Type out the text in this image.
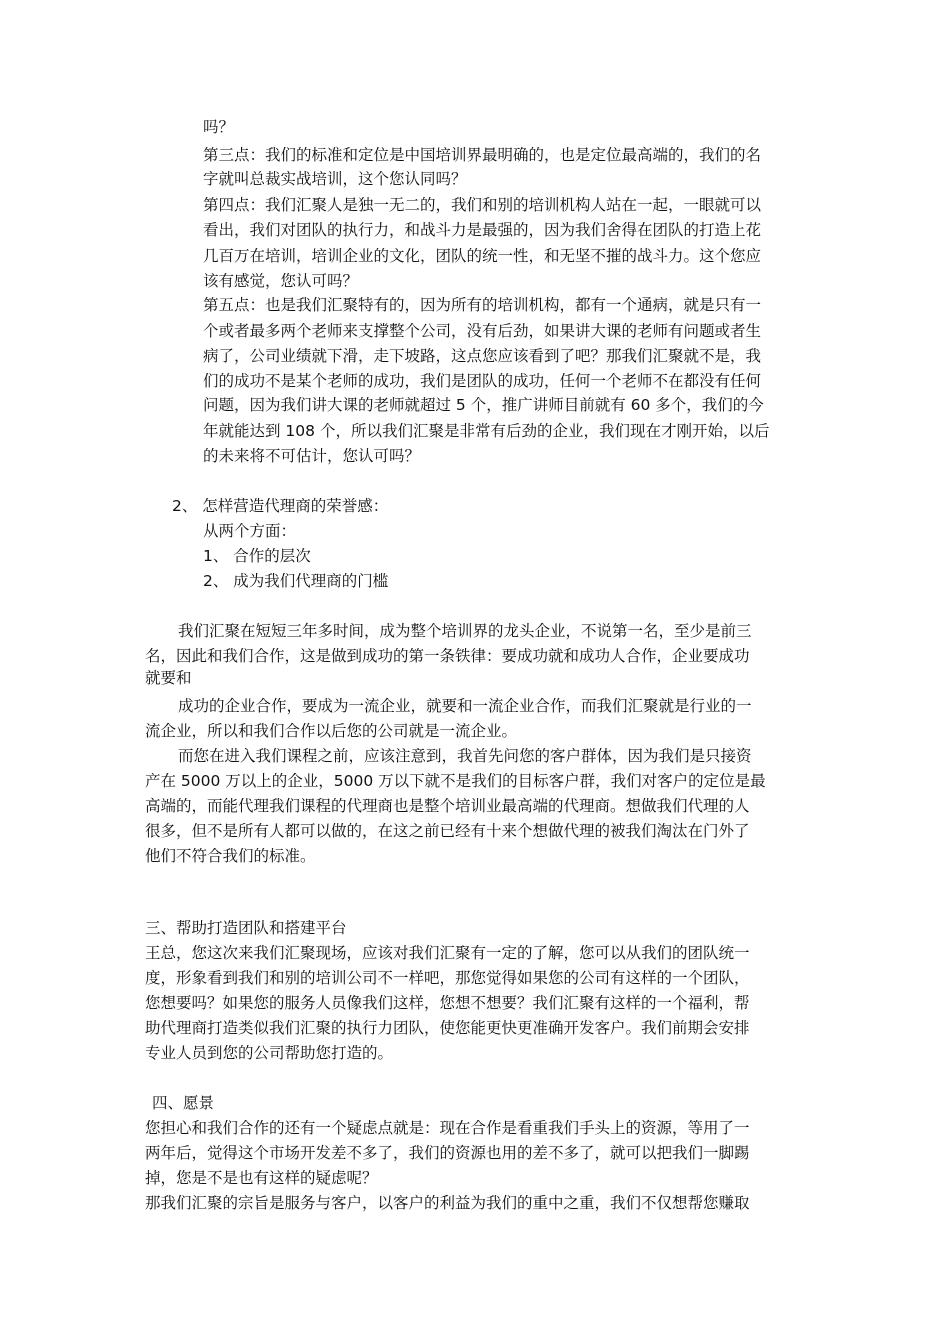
吗？
第三点：我们的标准和定位是中国培训界最明确的，也是定位最高端的，我们的名
字就叫总裁实战培训，这个您认同吗？
第四点：我们汇聚人是独一无二的，我们和别的培训机构人站在一起，一眼就可以
看出，我们对团队的执行力，和战斗力是最强的，因为我们舍得在团队的打造上花
几百万在培训，培训企业的文化，团队的统一性，和无坚不摧的战斗力。这个您应
该有感觉，您认可吗？
第五点：也是我们汇聚特有的，因为所有的培训机构，都有一个通病，就是只有一
个或者最多两个老师来支撑整个公司，没有后劲，如果讲大课的老师有问题或者生
病了，公司业绩就下滑，走下坡路，这点您应该看到了吧？那我们汇聚就不是，我
们的成功不是某个老师的成功，我们是团队的成功，任何一个老师不在都没有任何
问题，因为我们讲大课的老师就超过 5 个，推广讲师目前就有 60 多个，我们的今
年就能达到 108 个，所以我们汇聚是非常有后劲的企业，我们现在才刚开始，以后
的未来将不可估计，您认可吗？
2、 怎样营造代理商的荣誉感：
从两个方面：
1、 合作的层次
2、 成为我们代理商的门槛
我们汇聚在短短三年多时间，成为整个培训界的龙头企业，不说第一名，至少是前三
名，因此和我们合作，这是做到成功的第一条铁律：要成功就和成功人合作，企业要成功
就要和
成功的企业合作，要成为一流企业，就要和一流企业合作，而我们汇聚就是行业的一
流企业，所以和我们合作以后您的公司就是一流企业。
而您在进入我们课程之前，应该注意到，我首先问您的客户群体，因为我们是只接资
产在 5000 万以上的企业，5000 万以下就不是我们的目标客户群，我们对客户的定位是最
高端的，而能代理我们课程的代理商也是整个培训业最高端的代理商。想做我们代理的人
很多，但不是所有人都可以做的，在这之前已经有十来个想做代理的被我们淘汰在门外了
他们不符合我们的标准。
三、帮助打造团队和搭建平台
王总，您这次来我们汇聚现场，应该对我们汇聚有一定的了解，您可以从我们的团队统一
度，形象看到我们和别的培训公司不一样吧，那您觉得如果您的公司有这样的一个团队，
您想要吗？如果您的服务人员像我们这样，您想不想要？我们汇聚有这样的一个福利，帮
助代理商打造类似我们汇聚的执行力团队，使您能更快更准确开发客户。我们前期会安排
专业人员到您的公司帮助您打造的。
四、愿景
您担心和我们合作的还有一个疑虑点就是：现在合作是看重我们手头上的资源，等用了一
两年后，觉得这个市场开发差不多了，我们的资源也用的差不多了，就可以把我们一脚踢
掉，您是不是也有这样的疑虑呢？
那我们汇聚的宗旨是服务与客户，以客户的利益为我们的重中之重，我们不仅想帮您赚取
